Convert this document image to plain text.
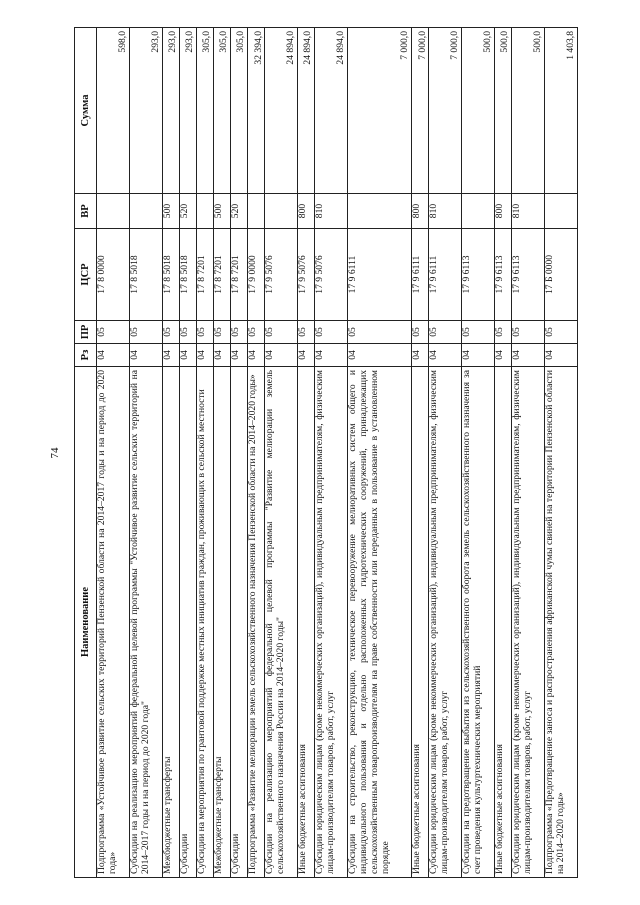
74
Наименование	Рз	ПР	ЦСР	ВР	Сумма
Подпрограмма «Устойчивое развитие сельских территорий Пензенской области на 2014–2017 годы и на период до 2020 года»	04	05	17 8 0000		598,0
Субсидии на реализацию мероприятий федеральной целевой программы "Устойчивое развитие сельских территорий на 2014–2017 годы и на период до 2020 года"	04	05	17 8 5018		293,0
Межбюджетные трансферты	04	05	17 8 5018	500	293,0
Субсидии	04	05	17 8 5018	520	293,0
Субсидии на мероприятия по грантовой поддержке местных инициатив граждан, проживающих в сельской местности	04	05	17 8 7201		305,0
Межбюджетные трансферты	04	05	17 8 7201	500	305,0
Субсидии	04	05	17 8 7201	520	305,0
Подпрограмма «Развитие мелиорации земель сельскохозяйственного назначения Пензенской области на 2014–2020 годы»	04	05	17 9 0000		32 394,0
Субсидии на реализацию мероприятий федеральной целевой программы "Развитие мелиорации земель сельскохозяйственного назначения России на 2014–2020 годы"	04	05	17 9 5076		24 894,0
Иные бюджетные ассигнования	04	05	17 9 5076	800	24 894,0
Субсидии юридическим лицам (кроме некоммерческих организаций), индивидуальным предпринимателям, физическим лицам-производителям товаров, работ, услуг	04	05	17 9 5076	810	24 894,0
Субсидии на строительство, реконструкцию, техническое перевооружение мелиоративных систем общего и индивидуального пользования и отдельно расположенных гидротехнических сооружений, принадлежащих сельскохозяйственным товаропроизводителям на праве собственности или переданных в пользование в установленном порядке	04	05	17 9 6111		7 000,0
Иные бюджетные ассигнования	04	05	17 9 6111	800	7 000,0
Субсидии юридическим лицам (кроме некоммерческих организаций), индивидуальным предпринимателям, физическим лицам-производителям товаров, работ, услуг	04	05	17 9 6111	810	7 000,0
Субсидии на предотвращение выбытия из сельскохозяйственного оборота земель сельскохозяйственного назначения за счет проведения культуртехнических мероприятий	04	05	17 9 6113		500,0
Иные бюджетные ассигнования	04	05	17 9 6113	800	500,0
Субсидии юридическим лицам (кроме некоммерческих организаций), индивидуальным предпринимателям, физическим лицам-производителям товаров, работ, услуг	04	05	17 9 6113	810	500,0
Подпрограмма «Предотвращение заноса и распространения африканской чумы свиней на территории Пензенской области на 2014–2020 годы»	04	05	17 Б 0000		1 403,8
